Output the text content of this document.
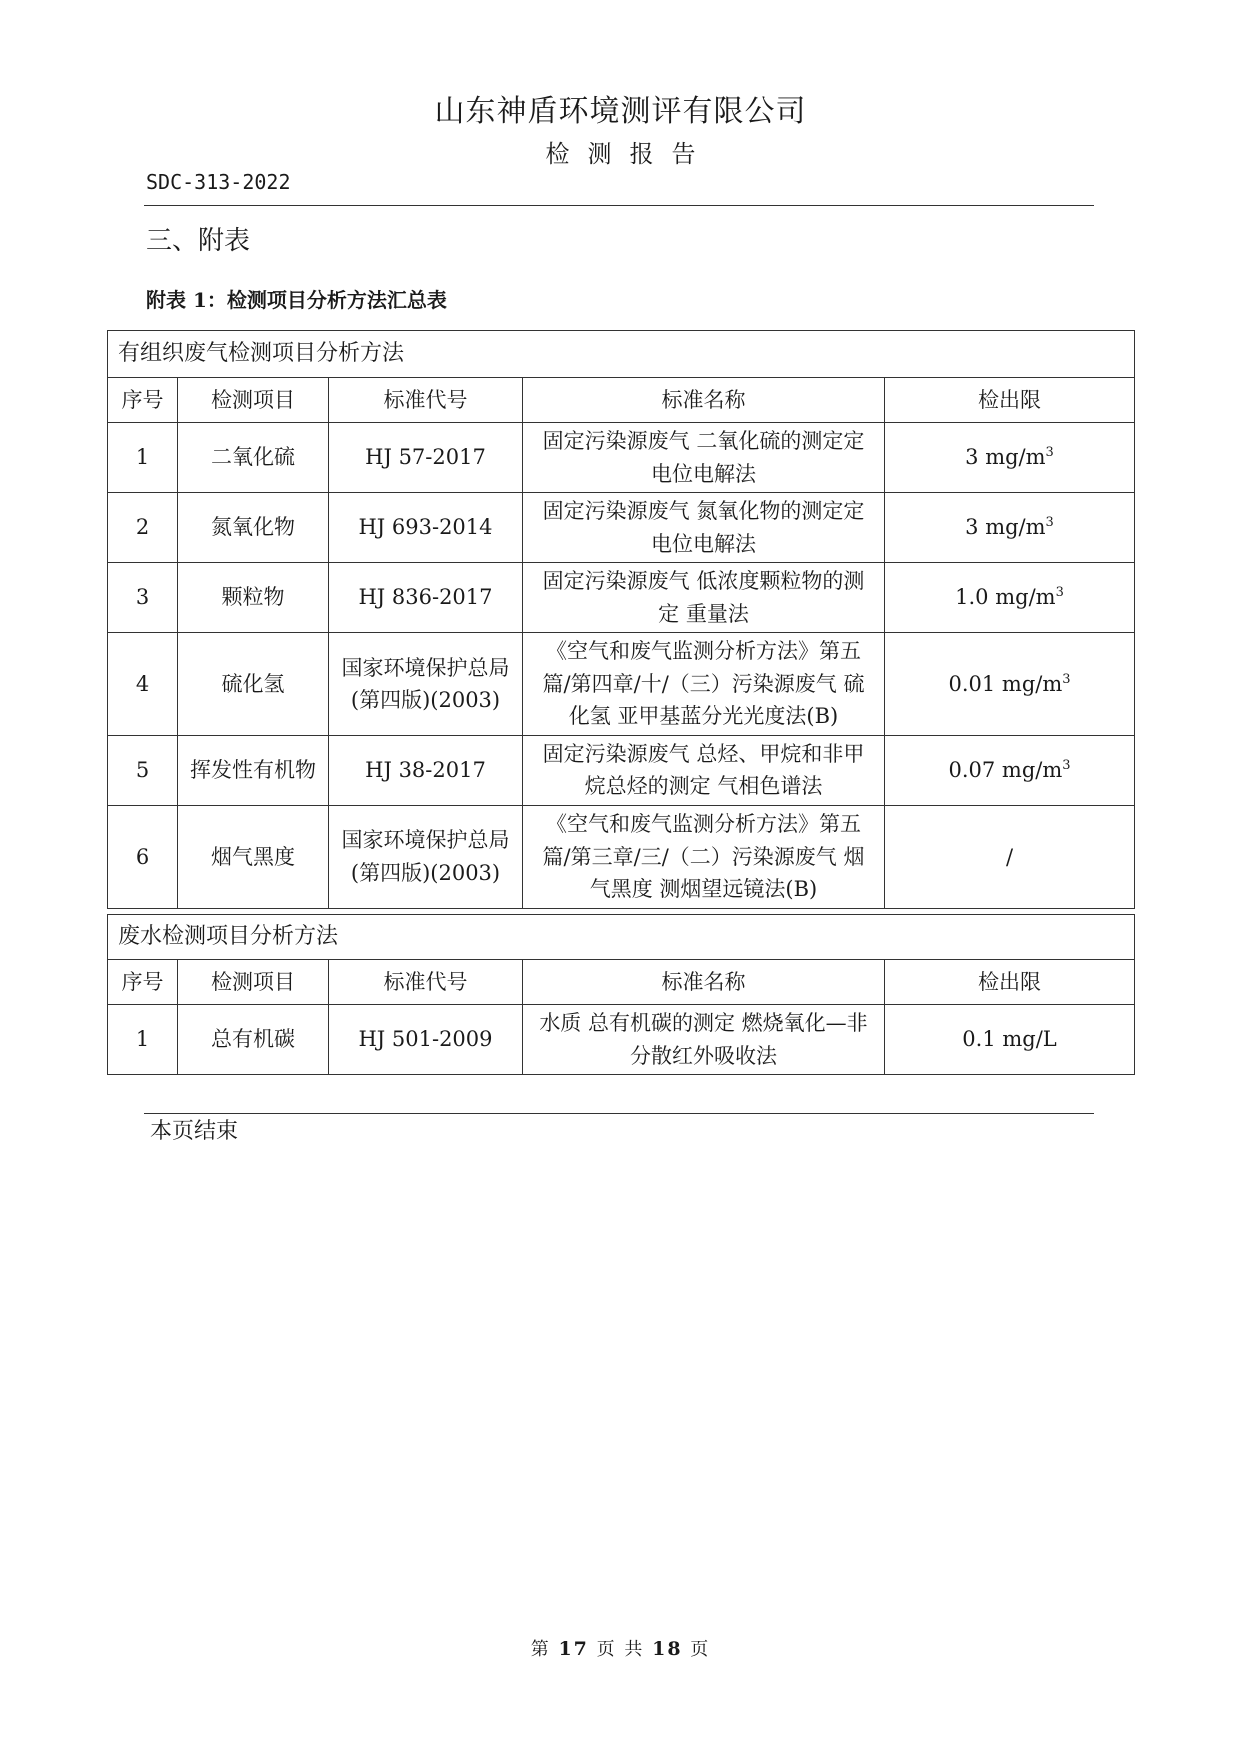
山东神盾环境测评有限公司
检测报告
SDC-313-2022
三、附表
附表 1：检测项目分析方法汇总表
有组织废气检测项目分析方法				
序号	检测项目	标准代号	标准名称	检出限
1	二氧化硫	HJ 57-2017	固定污染源废气 二氧化硫的测定定电位电解法	3 $mg/m^3$
2	氮氧化物	HJ 693-2014	固定污染源废气 氮氧化物的测定定电位电解法	3 $mg/m^3$
3	颗粒物	HJ 836-2017	固定污染源废气 低浓度颗粒物的测定 重量法	1.0 $mg/m^3$
4	硫化氢	国家环境保护总局 (第四版)(2003)	《空气和废气监测分析方法》第五篇/第四章/十/（三）污染源废气 硫化氢 亚甲基蓝分光光度法(B)	0.01 $mg/m^3$
5	挥发性有机物	HJ 38-2017	固定污染源废气 总烃、甲烷和非甲烷总烃的测定 气相色谱法	0.07 $mg/m^3$
6	烟气黑度	国家环境保护总局 (第四版)(2003)	《空气和废气监测分析方法》第五篇/第三章/三/（二）污染源废气 烟气黑度 测烟望远镜法(B)	/
废水检测项目分析方法				
序号	检测项目	标准代号	标准名称	检出限
1	总有机碳	HJ 501-2009	水质 总有机碳的测定 燃烧氧化—非分散红外吸收法	0.1 mg/L
本页结束
第 17 页 共 18 页
